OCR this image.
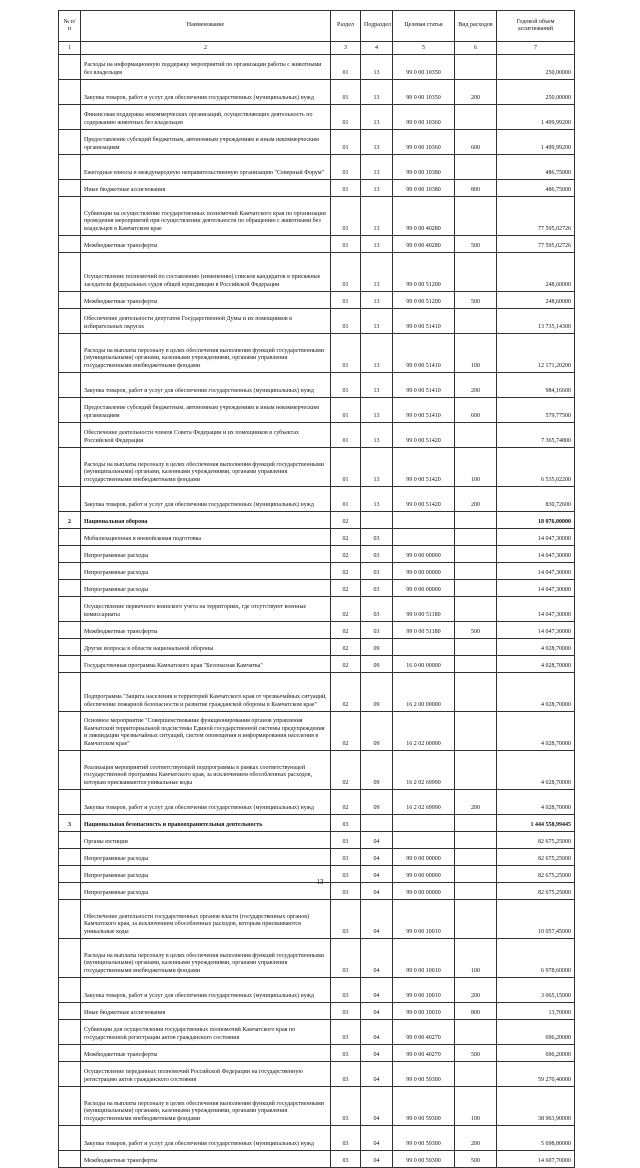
№ п/п	Наименование	Раздел	Подраздел	Целевая статья	Вид расходов	Годовой объем ассигнований
1	2	3	4	5	6	7
	Расходы на информационную поддержку мероприятий по организации работы с животными без владельцев	01	13	99 0 00 10350		250,00000
	Закупка товаров, работ и услуг для обеспечения государственных (муниципальных) нужд	01	13	99 0 00 10350	200	250,00000
	Финансовая поддержка некоммерческих организаций, осуществляющих деятельность по содержанию животных без владельцев	01	13	99 0 00 10360		1 499,99200
	Предоставление субсидий бюджетным, автономным учреждениям и иным некоммерческим организациям	01	13	99 0 00 10360	600	1 499,99200
	Ежегодные взносы в международную неправительственную организацию "Северный Форум"	01	13	99 0 00 10380		486,75000
	Иные бюджетные ассигнования	01	13	99 0 00 10380	800	486,75000
	Субвенции на осуществление государственных полномочий Камчатского края по организации проведения мероприятий при осуществлении деятельности по обращению с животными без владельцев в Камчатском крае	01	13	99 0 00 40280		77 595,02726
	Межбюджетные трансферты	01	13	99 0 00 40280	500	77 595,02726
	Осуществление полномочий по составлению (изменению) списков кандидатов в присяжные заседатели федеральных судов общей юрисдикции в Российской Федерации	01	13	99 0 00 51200		248,60000
	Межбюджетные трансферты	01	13	99 0 00 51200	500	248,60000
	Обеспечение деятельности депутатов Государственной Думы и их помощников в избирательных округах	01	13	99 0 00 51410		13 735,14300
	Расходы на выплаты персоналу в целях обеспечения выполнения функций государственными (муниципальными) органами, казенными учреждениями, органами управления государственными внебюджетными фондами	01	13	99 0 00 51410	100	12 171,20200
	Закупка товаров, работ и услуг для обеспечения государственных (муниципальных) нужд	01	13	99 0 00 51410	200	984,16600
	Предоставление субсидий бюджетным, автономным учреждениям и иным некоммерческим организациям	01	13	99 0 00 51410	600	579,77500
	Обеспечение деятельности членов Совета Федерации и их помощников в субъектах Российской Федерации	01	13	99 0 00 51420		7 365,74800
	Расходы на выплаты персоналу в целях обеспечения выполнения функций государственными (муниципальными) органами, казенными учреждениями, органами управления государственными внебюджетными фондами	01	13	99 0 00 51420	100	6 535,02200
	Закупка товаров, работ и услуг для обеспечения государственных (муниципальных) нужд	01	13	99 0 00 51420	200	830,72600
2	Национальная оборона	02				18 076,00000
	Мобилизационная и вневойсковая подготовка	02	03			14 047,30000
	Непрограммные расходы	02	03	99 0 00 00000		14 047,30000
	Непрограммные расходы	02	03	99 0 00 00000		14 047,30000
	Непрограммные расходы	02	03	99 0 00 00000		14 047,30000
	Осуществление первичного воинского учета на территориях, где отсутствуют военные комиссариаты	02	03	99 0 00 51180		14 047,30000
	Межбюджетные трансферты	02	03	99 0 00 51180	500	14 047,30000
	Другие вопросы в области национальной обороны	02	09			4 028,70000
	Государственная программа Камчатского края "Безопасная Камчатка"	02	09	16 0 00 00000		4 028,70000
	Подпрограмма "Защита населения и территорий Камчатского края от чрезвычайных ситуаций, обеспечение пожарной безопасности и развитие гражданской обороны в Камчатском крае"	02	09	16 2 00 00000		4 028,70000
	Основное мероприятие "Совершенствование функционирования органов управления Камчатской территориальной подсистемы Единой государственной системы предупреждения и ликвидации чрезвычайных ситуаций, систем оповещения и информирования населения в Камчатском крае"	02	09	16 2 02 00000		4 028,70000
	Реализация мероприятий соответствующей подпрограммы в рамках соответствующей государственной программы Камчатского края, за исключением обособленных расходов, которым присваиваются уникальные коды	02	09	16 2 02 69990		4 028,70000
	Закупка товаров, работ и услуг для обеспечения государственных (муниципальных) нужд	02	09	16 2 02 69990	200	4 028,70000
3	Национальная безопасность и правоохранительная деятельность	03				1 444 558,99445
	Органы юстиции	03	04			82 675,25000
	Непрограммные расходы	03	04	99 0 00 00000		82 675,25000
	Непрограммные расходы	03	04	99 0 00 00000		82 675,25000
	Непрограммные расходы	03	04	99 0 00 00000		82 675,25000
	Обеспечение деятельности государственных органов власти (государственных органов) Камчатского края, за исключением обособленных расходов, которым присваиваются уникальные коды	03	04	99 0 00 10010		10 057,45000
	Расходы на выплаты персоналу в целях обеспечения выполнения функций государственными (муниципальными) органами, казенными учреждениями, органами управления государственными внебюджетными фондами	03	04	99 0 00 10010	100	6 978,60000
	Закупка товаров, работ и услуг для обеспечения государственных (муниципальных) нужд	03	04	99 0 00 10010	200	3 065,15000
	Иные бюджетные ассигнования	03	04	99 0 00 10010	800	13,70000
	Субвенции для осуществления государственных полномочий Камчатского края по государственной регистрации актов гражданского состояния	03	04	99 0 00 40270		696,20000
	Межбюджетные трансферты	03	04	99 0 00 40270	500	696,20000
	Осуществление переданных полномочий Российской Федерации на государственную регистрацию актов гражданского состояния	03	04	99 0 00 59300		59 270,40000
	Расходы на выплаты персоналу в целях обеспечения выполнения функций государственными (муниципальными) органами, казенными учреждениями, органами управления государственными внебюджетными фондами	03	04	99 0 00 59300	100	38 963,90000
	Закупка товаров, работ и услуг для обеспечения государственных (муниципальных) нужд	03	04	99 0 00 59300	200	5 698,80000
	Межбюджетные трансферты	03	04	99 0 00 59300	500	14 607,70000
13
